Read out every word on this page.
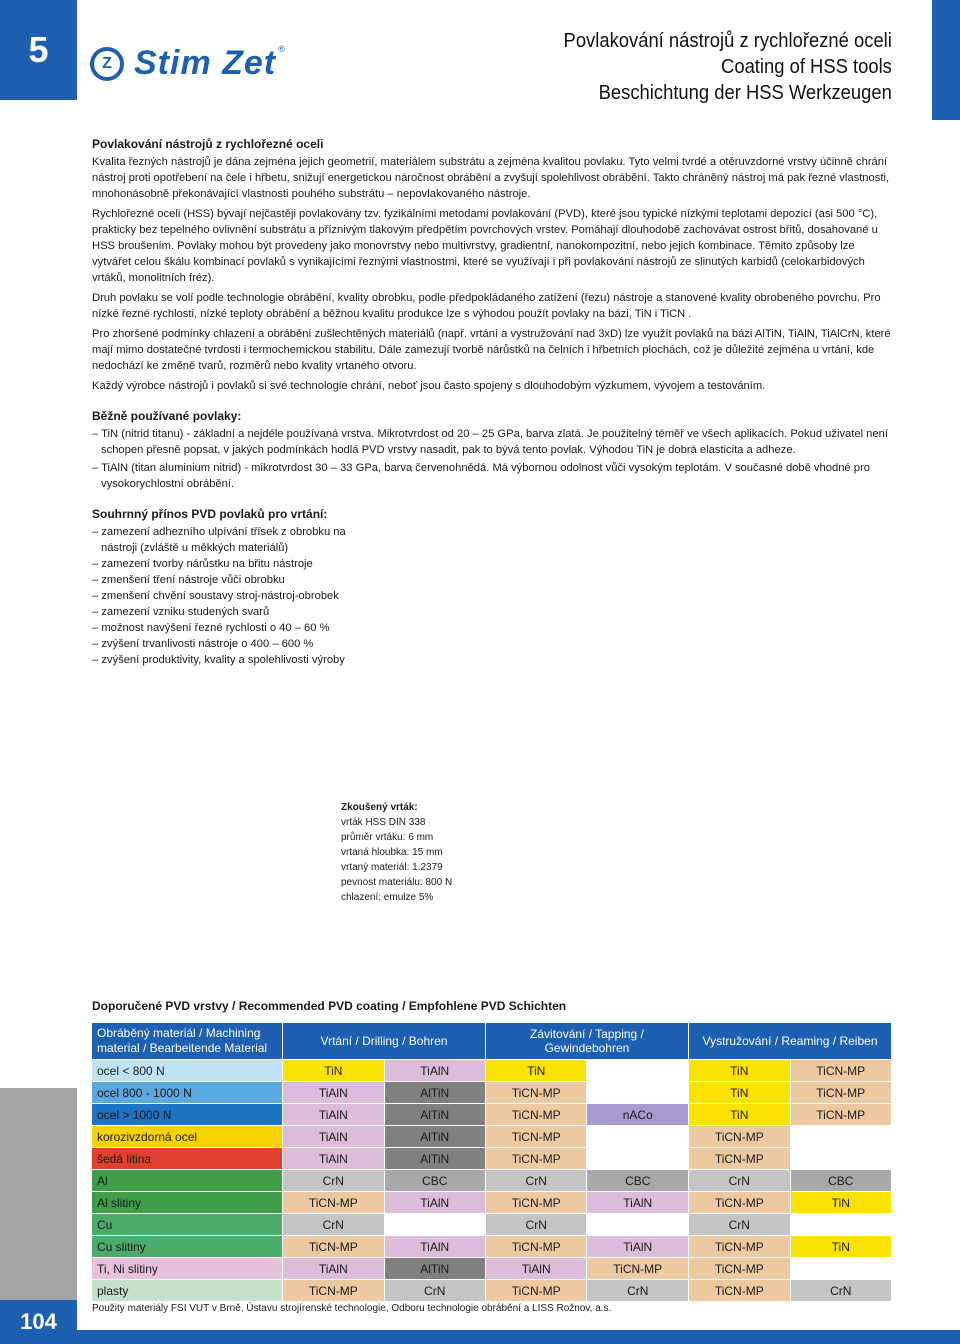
5	Z Stim Zet ®	Povlakování nástrojů z rychlořezné oceli
Coating of HSS tools
Beschichtung der HSS Werkzeugen
Povlakování nástrojů z rychlořezné oceli

Kvalita řezných nástrojů je dána zejména jejich geometrií, materiálem substrátu a zejména kvalitou povlaku. Tyto velmi tvrdé a otěruvzdorné vrstvy účinně chrání nástroj proti opotřebení na čele i hřbetu, snižují energetickou náročnost obrábění a zvyšují spolehlivost obrábění. Takto chráněný nástroj má pak řezné vlastnosti, mnohonásobně překonávající vlastnosti pouhého substrátu – nepovlakovaného nástroje.

Rychlořezné oceli (HSS) bývají nejčastěji povlakovány tzv. fyzikálními metodami povlakování (PVD), které jsou typické nízkými teplotami depozicí (asi 500 °C), prakticky bez tepelného ovlivnění substrátu a příznivým tlakovým předpětím povrchových vrstev. Pomáhají dlouhodobě zachovávat ostrost břitů, dosahované u HSS broušením. Povlaky mohou být provedeny jako monovrstvy nebo multivrstvy, gradientní, nanokompozitní, nebo jejich kombinace. Těmito způsoby lze vytvářet celou škálu kombinací povlaků s vynikajícími řeznými vlastnostmi, které se využívají i při povlakování nástrojů ze slinutých karbidů (celokarbidových vrtáků, monolitních fréz).

Druh povlaku se volí podle technologie obrábění, kvality obrobku, podle předpokládaného zatížení (řezu) nástroje a stanovené kvality obrobeného povrchu. Pro nízké řezné rychlosti, nízké teploty obrábění a běžnou kvalitu produkce lze s výhodou použít povlaky na bázi, TiN i TiCN .

Pro zhoršené podmínky chlazení a obrábění zušlechtěných materiálů (např. vrtání a vystružování nad 3xD) lze využít povlaků na bázi AlTiN, TiAlN, TiAlCrN, které mají mimo dostatečné tvrdosti i termochemickou stabilitu. Dále zamezují tvorbě nárůstků na čelních i hřbetních plochách, což je důležité zejména u vrtání, kde nedochází ke změně tvarů, rozměrů nebo kvality vrtaného otvoru.

Každý výrobce nástrojů i povlaků si své technologie chrání, neboť jsou často spojeny s dlouhodobým výzkumem, vývojem a testováním.

Běžně používané povlaky:
– TiN (nitrid titanu) - základní a nejdéle používaná vrstva. Mikrotvrdost od 20 – 25 GPa, barva zlatá. Je použitelný téměř ve všech aplikacích. Pokud uživatel není schopen přesně popsat, v jakých podmínkách hodlá PVD vrstvy nasadit, pak to bývá tento povlak. Výhodou TiN je dobrá elasticita a adheze.
– TiAlN (titan aluminium nitrid) - mikrotvrdost 30 – 33 GPa, barva červenohnědá. Má výbornou odolnost vůči vysokým teplotám. V současné době vhodné pro vysokorychlostní obrábění.
Souhrnný přínos PVD povlaků pro vrtání:
– zamezení adhezního ulpívání třísek z obrobku na nástroji (zvláště u měkkých materiálů)
– zamezení tvorby nárůstku na břitu nástroje
– zmenšení tření nástroje vůči obrobku
– zmenšení chvění soustavy stroj-nástroj-obrobek
– zamezení vzniku studených svarů
– možnost navýšení řezné rychlosti o 40 – 60 %
– zvýšení trvanlivosti nástroje o 400 – 600 %
– zvýšení produktivity, kvality a spolehlivosti výroby
Zkoušený vrták:
vrták HSS DIN 338
průměr vrtáku: 6 mm
vrtaná hloubka: 15 mm
vrtaný materiál: 1.2379
pevnost materiálu: 800 N
chlazení: emulze 5%
Doporučené PVD vrstvy / Recommended PVD coating / Empfohlene PVD Schichten
Obráběný materiál / Machining material / Bearbeitende Material	Vrtání / Drilling / Bohren		Závitování / Tapping / Gewindebohren		Vystružování / Reaming / Reiben	
ocel < 800 N	TiN	TiAlN	TiN		TiN	TiCN-MP
ocel 800 - 1000 N	TiAlN	AlTiN	TiCN-MP		TiN	TiCN-MP
ocel > 1000 N	TiAlN	AlTiN	TiCN-MP	nACo	TiN	TiCN-MP
korozivzdorná ocel	TiAlN	AlTiN	TiCN-MP		TiCN-MP	
šedá litina	TiAlN	AlTiN	TiCN-MP		TiCN-MP	
Al	CrN	CBC	CrN	CBC	CrN	CBC
Al slitiny	TiCN-MP	TiAlN	TiCN-MP	TiAlN	TiCN-MP	TiN
Cu	CrN		CrN		CrN	
Cu slitiny	TiCN-MP	TiAlN	TiCN-MP	TiAlN	TiCN-MP	TiN
Ti, Ni slitiny	TiAlN	AlTiN	TiAlN	TiCN-MP	TiCN-MP	
plasty	TiCN-MP	CrN	TiCN-MP	CrN	TiCN-MP	CrN
Použity materiály FSI VUT v Brně, Ústavu strojírenské technologie, Odboru technologie obrábění a LISS Rožnov, a.s.
104
